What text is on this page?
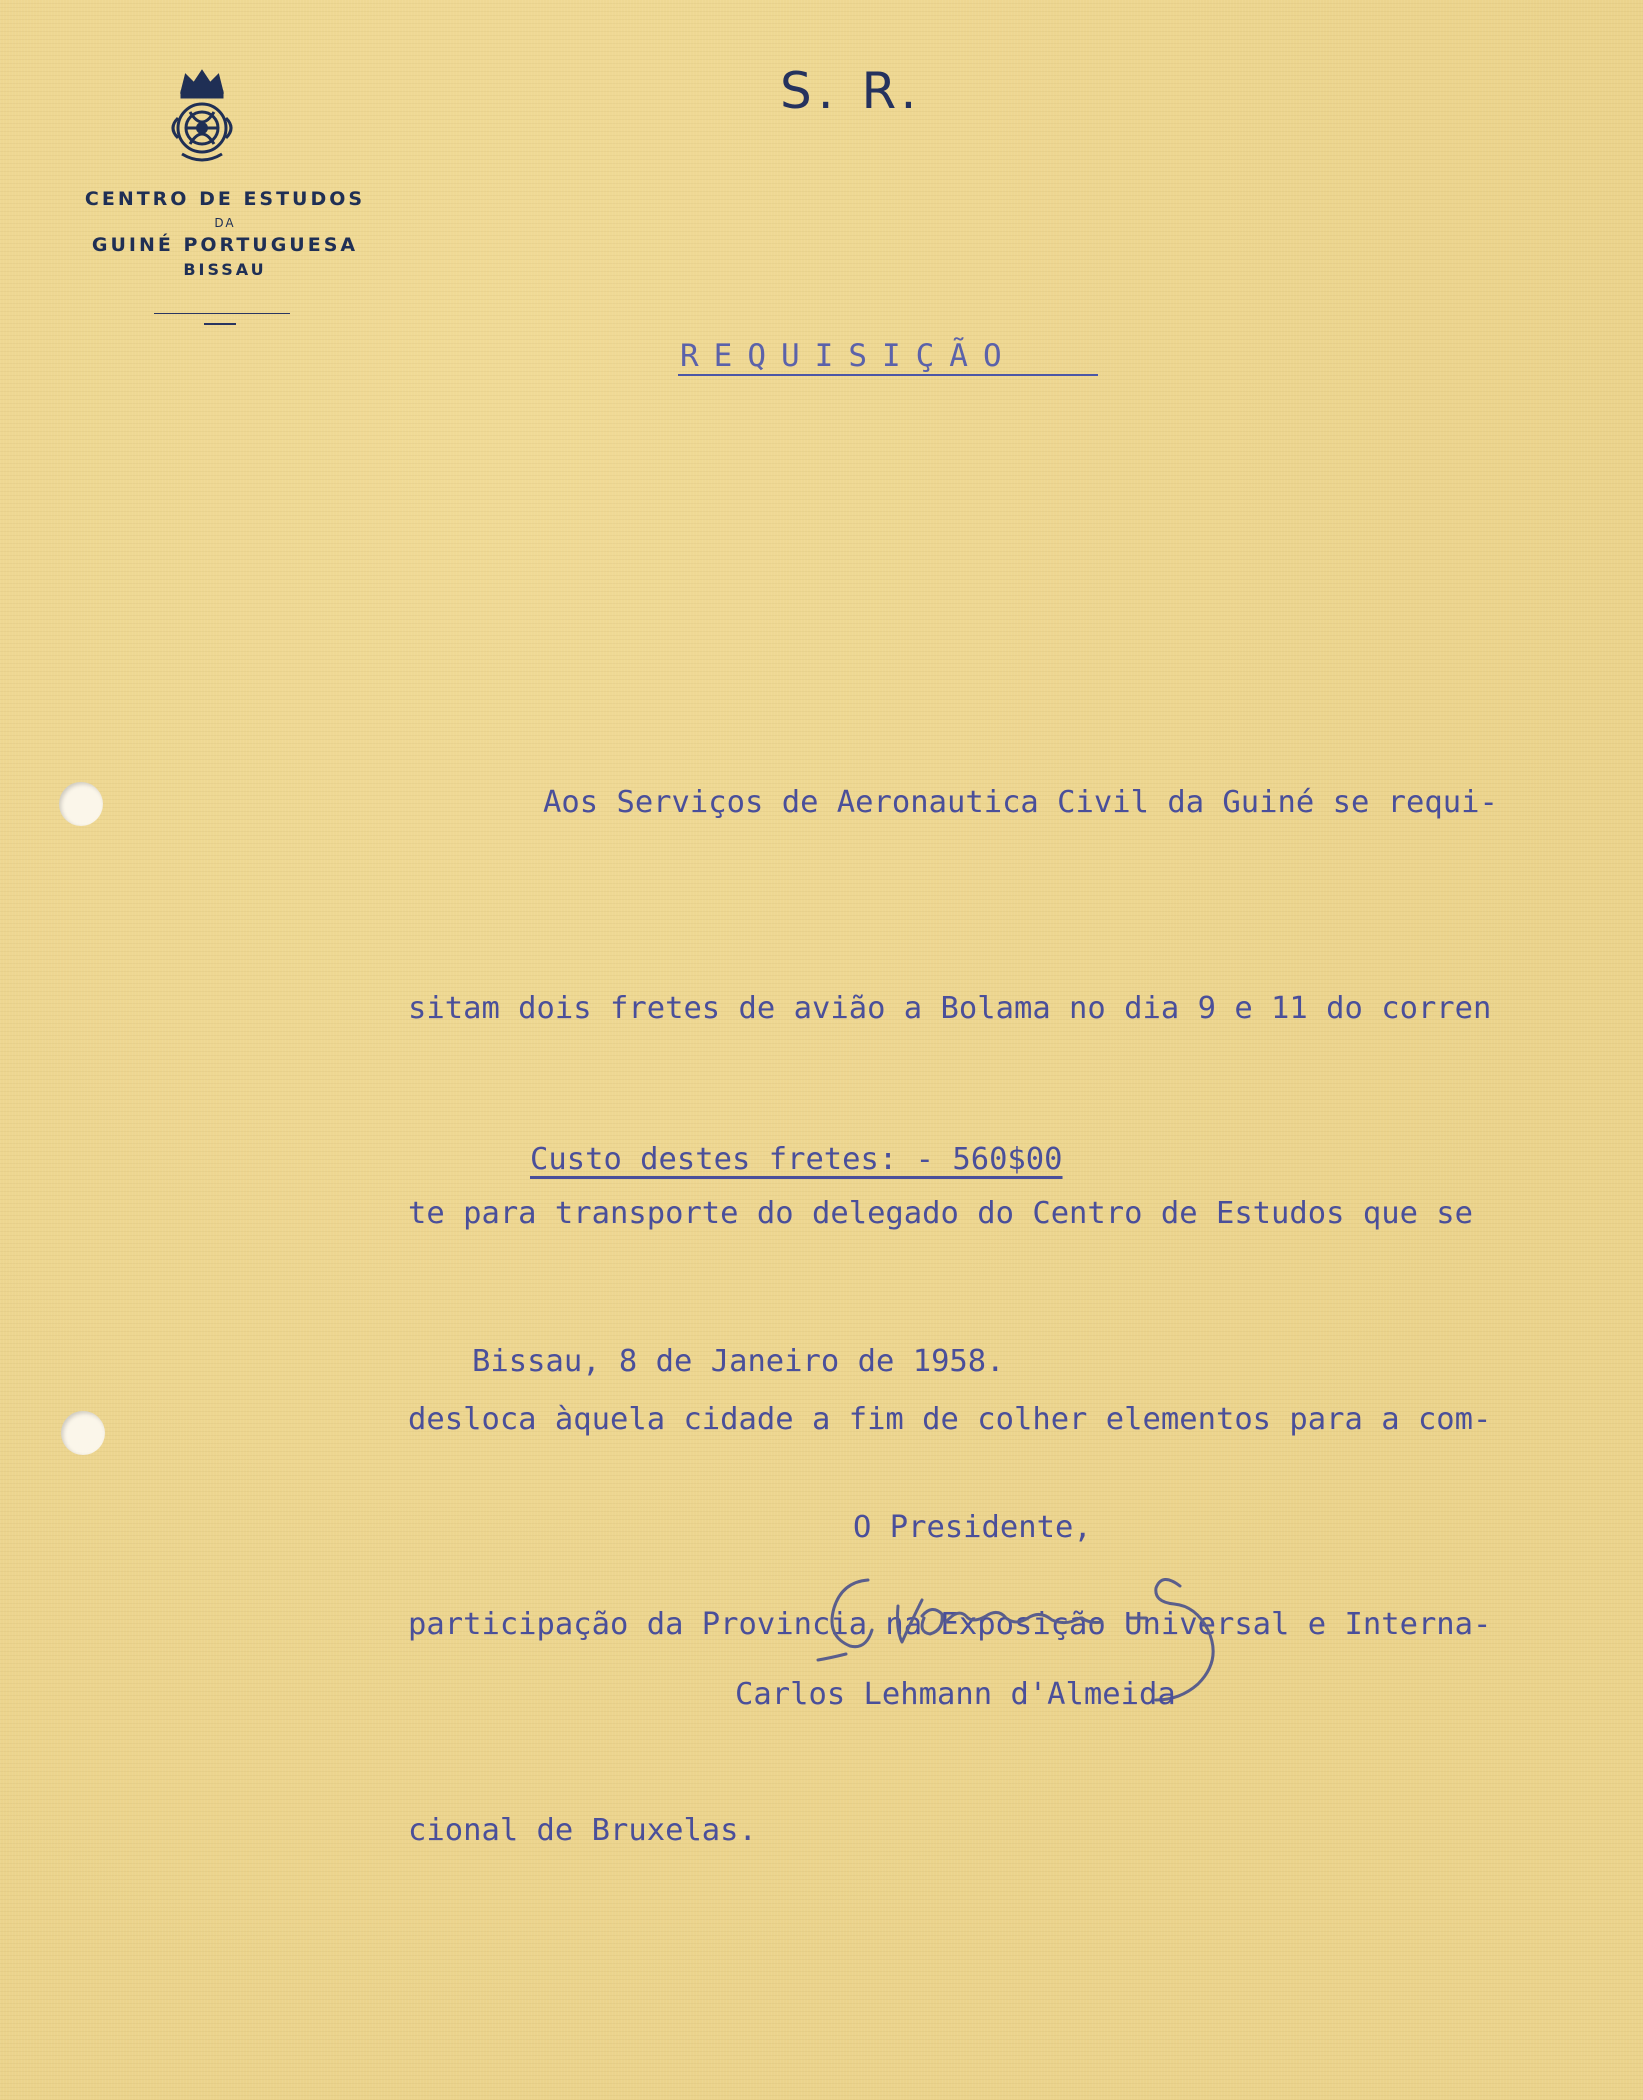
CENTRO DE ESTUDOS
DA
GUINÉ PORTUGUESA
BISSAU
S. R.
REQUISIÇÃO

Aos Serviços de Aeronautica Civil da Guiné se requi-

sitam dois fretes de avião a Bolama no dia 9 e 11 do corren

te para transporte do delegado do Centro de Estudos que se

desloca àquela cidade a fim de colher elementos para a com-

participação da Provincia na Exposição Universal e Interna-

cional de Bruxelas.

Custo destes fretes: - 560$00
Bissau, 8 de Janeiro de 1958.
O Presidente,
Carlos Lehmann d'Almeida
